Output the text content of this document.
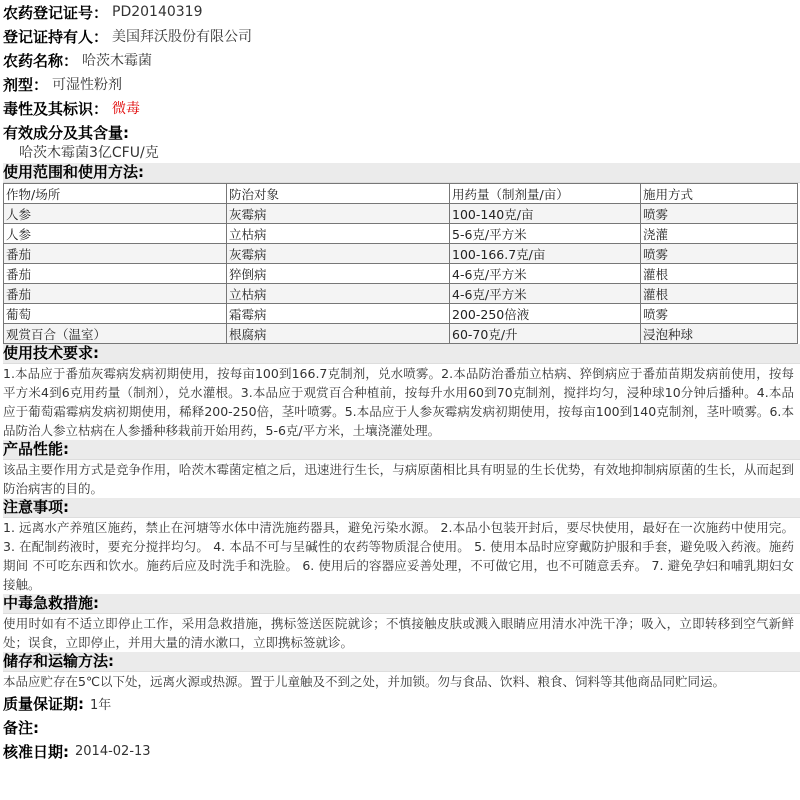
农药登记证号： PD20140319
登记证持有人： 美国拜沃股份有限公司
农药名称： 哈茨木霉菌
剂型： 可湿性粉剂
毒性及其标识： 微毒
有效成分及其含量:
哈茨木霉菌3亿CFU/克
使用范围和使用方法:
作物/场所	防治对象	用药量（制剂量/亩）	施用方式
人参	灰霉病	100-140克/亩	喷雾
人参	立枯病	5-6克/平方米	浇灌
番茄	灰霉病	100-166.7克/亩	喷雾
番茄	猝倒病	4-6克/平方米	灌根
番茄	立枯病	4-6克/平方米	灌根
葡萄	霜霉病	200-250倍液	喷雾
观赏百合（温室）	根腐病	60-70克/升	浸泡种球
使用技术要求:
1.本品应于番茄灰霉病发病初期使用，按每亩100到166.7克制剂，兑水喷雾。2.本品防治番茄立枯病、猝倒病应于番茄苗期发病前使用，按每平方米4到6克用药量（制剂），兑水灌根。3.本品应于观赏百合种植前，按每升水用60到70克制剂，搅拌均匀，浸种球10分钟后播种。4.本品应于葡萄霜霉病发病初期使用，稀释200-250倍，茎叶喷雾。5.本品应于人参灰霉病发病初期使用，按每亩100到140克制剂，茎叶喷雾。6.本品防治人参立枯病在人参播种移栽前开始用药，5-6克/平方米，土壤浇灌处理。
产品性能:
该品主要作用方式是竞争作用，哈茨木霉菌定植之后，迅速进行生长，与病原菌相比具有明显的生长优势，有效地抑制病原菌的生长，从而起到防治病害的目的。
注意事项:
1. 远离水产养殖区施药，禁止在河塘等水体中清洗施药器具，避免污染水源。 2.本品小包装开封后，要尽快使用，最好在一次施药中使用完。 3. 在配制药液时，要充分搅拌均匀。 4. 本品不可与呈碱性的农药等物质混合使用。 5. 使用本品时应穿戴防护服和手套，避免吸入药液。施药期间 不可吃东西和饮水。施药后应及时洗手和洗脸。 6. 使用后的容器应妥善处理，不可做它用，也不可随意丢弃。 7. 避免孕妇和哺乳期妇女接触。
中毒急救措施:
使用时如有不适立即停止工作，采用急救措施，携标签送医院就诊；不慎接触皮肤或溅入眼睛应用清水冲洗干净；吸入，立即转移到空气新鲜处；误食，立即停止，并用大量的清水漱口，立即携标签就诊。
储存和运输方法:
本品应贮存在5℃以下处，远离火源或热源。置于儿童触及不到之处，并加锁。勿与食品、饮料、粮食、饲料等其他商品同贮同运。
质量保证期: 1年
备注:
核准日期: 2014-02-13
